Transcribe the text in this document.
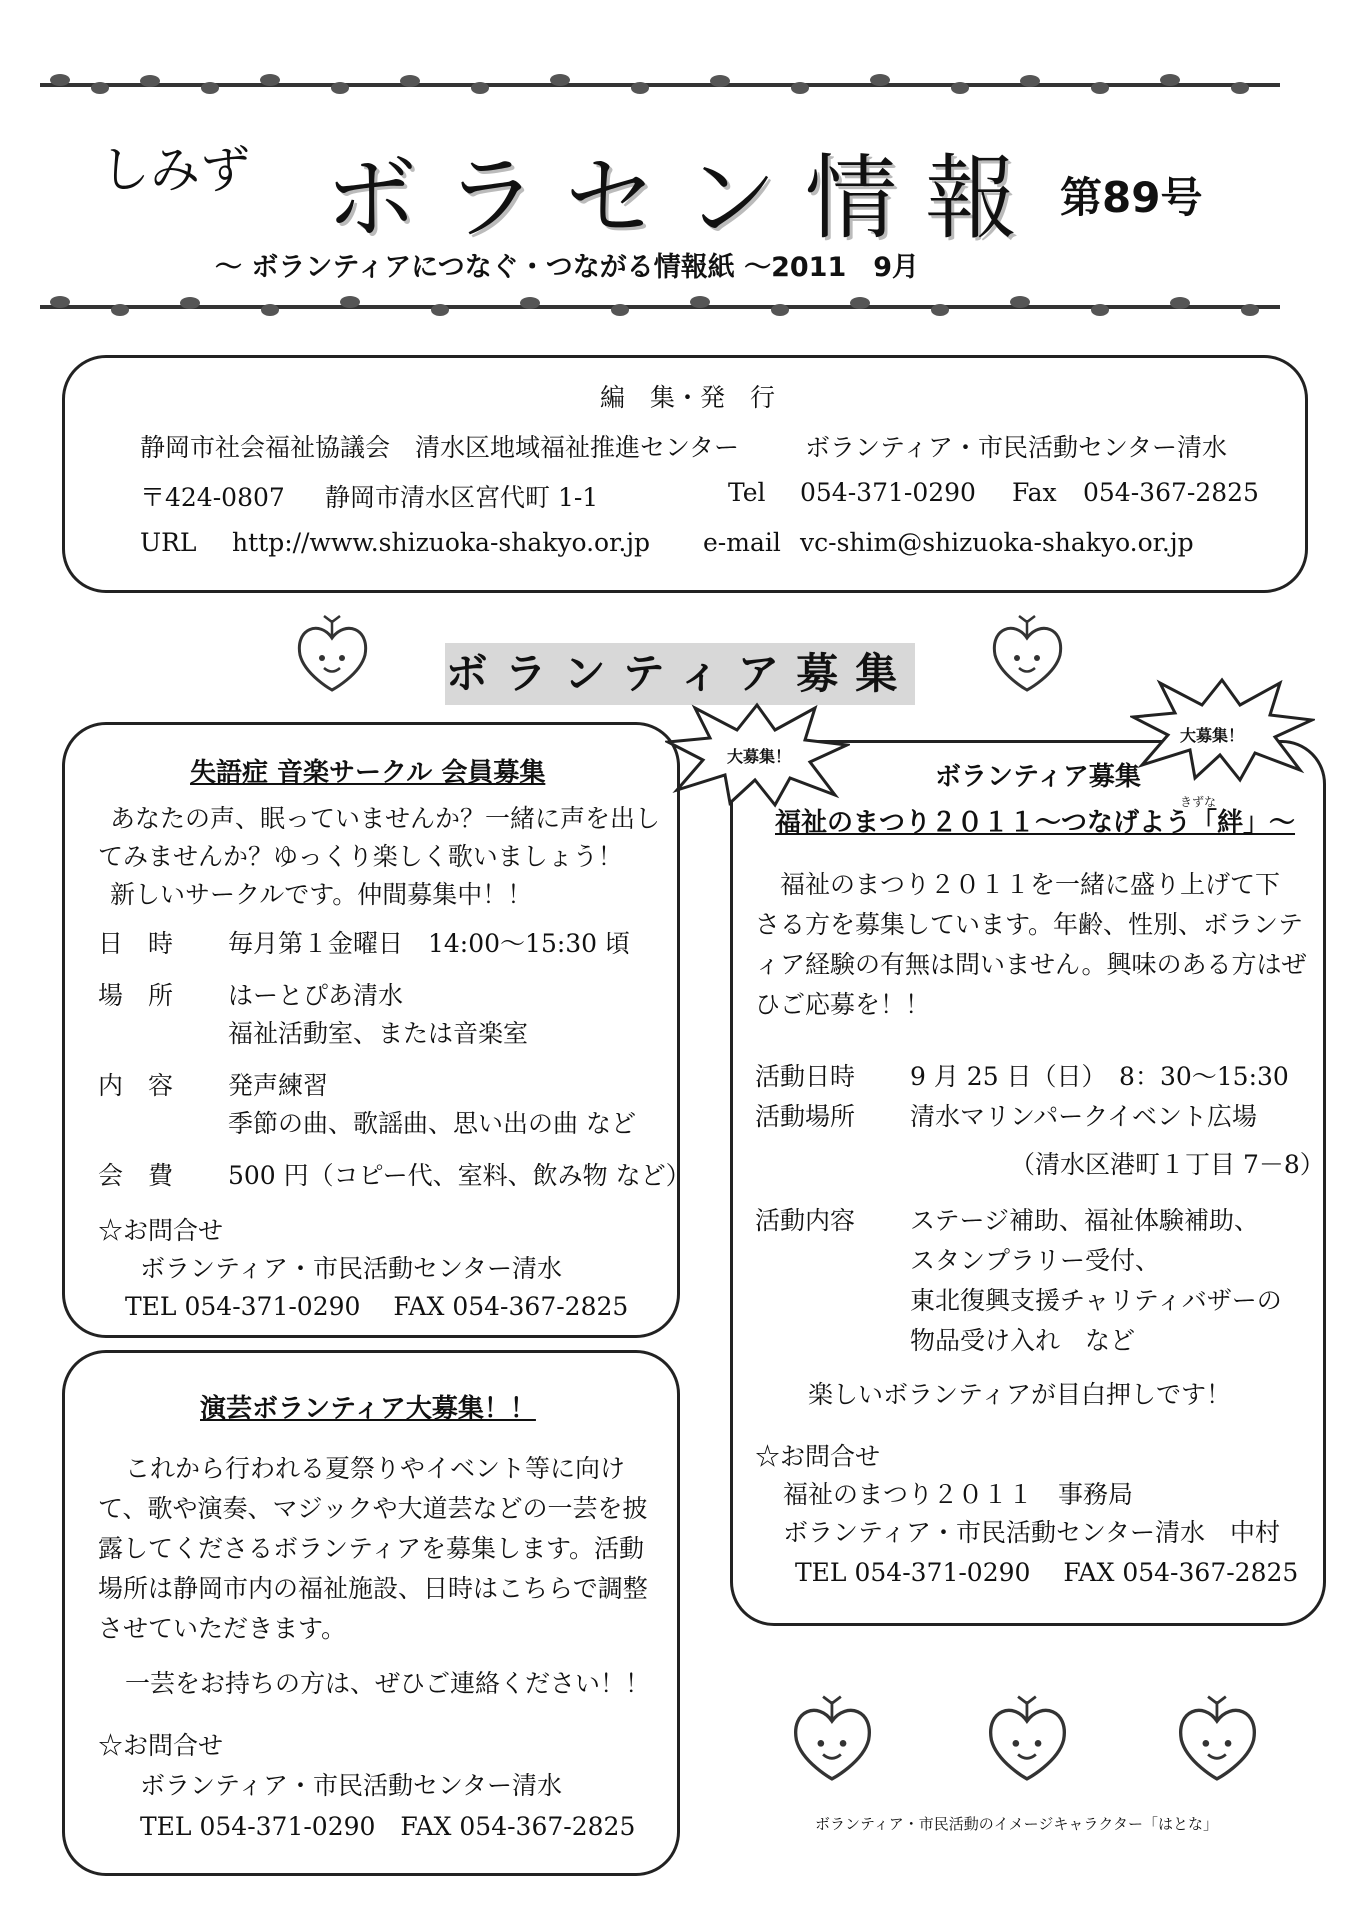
しみず ボラセン情報 第89号
～ ボランティアにつなぐ・つながる情報紙 ～2011　9月
編　集・発　行
静岡市社会福祉協議会　清水区地域福祉推進センター	ボランティア・市民活動センター清水
〒424-0807 静岡市清水区宮代町 1-1	Tel 054-371-0290 Fax 054-367-2825
URL http://www.shizuoka-shakyo.or.jp e-mail vc-shim@shizuoka-shakyo.or.jp
ボランティア募集
失語症 音楽サークル 会員募集
あなたの声、眠っていませんか？一緒に声を出し
てみませんか？ゆっくり楽しく歌いましょう！
新しいサークルです。仲間募集中！！
日　時 毎月第１金曜日　14:00～15:30 頃
場　所 はーとぴあ清水
福祉活動室、または音楽室
内　容 発声練習
季節の曲、歌謡曲、思い出の曲 など
会　費 500 円（コピー代、室料、飲み物 など）
☆お問合せ
ボランティア・市民活動センター清水
TEL 054-371-0290　 FAX 054-367-2825
演芸ボランティア大募集！！
これから行われる夏祭りやイベント等に向け
て、歌や演奏、マジックや大道芸などの一芸を披
露してくださるボランティアを募集します。活動
場所は静岡市内の福祉施設、日時はこちらで調整
させていただきます。
一芸をお持ちの方は、ぜひご連絡ください！！
☆お問合せ
ボランティア・市民活動センター清水
TEL 054-371-0290　FAX 054-367-2825
ボランティア募集
きずな
福祉のまつり２０１１～つなげよう「絆」～
福祉のまつり２０１１を一緒に盛り上げて下
さる方を募集しています。年齢、性別、ボランテ
ィア経験の有無は問いません。興味のある方はぜ
ひご応募を！！
活動日時 9 月 25 日（日）　8：30～15:30
活動場所 清水マリンパークイベント広場
（清水区港町１丁目 7－8）
活動内容 ステージ補助、福祉体験補助、
スタンプラリー受付、
東北復興支援チャリティバザーの
物品受け入れ　など
楽しいボランティアが目白押しです！
☆お問合せ
福祉のまつり２０１１　事務局
ボランティア・市民活動センター清水　中村
TEL 054-371-0290　 FAX 054-367-2825
大募集！
大募集！
ボランティア・市民活動のイメージキャラクター「はとな」
